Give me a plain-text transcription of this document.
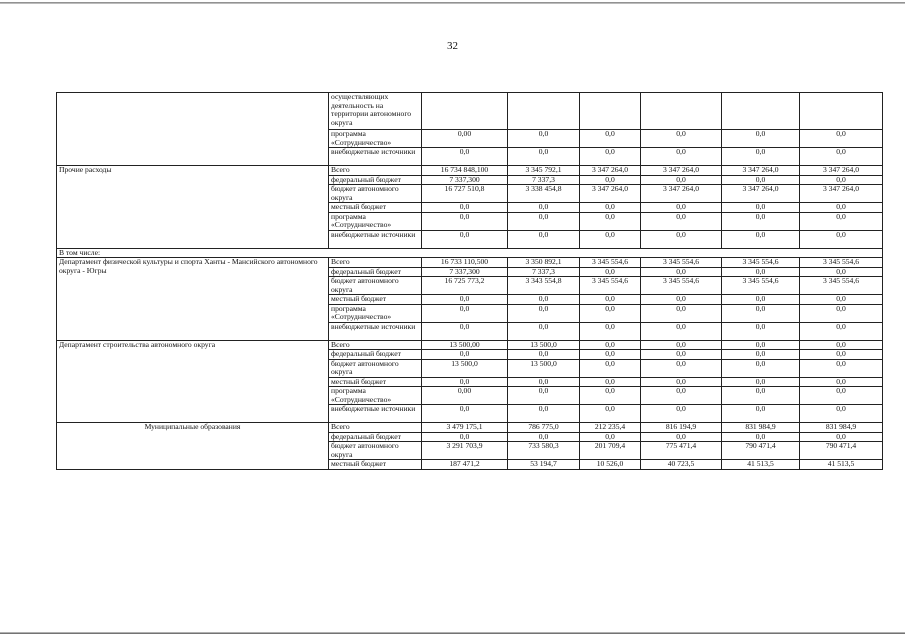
32
	осуществляющих деятельность на территории автономного округа						
	программа «Сотрудничество»	0,00	0,0	0,0	0,0	0,0	0,0
	внебюджетные источники	0,0	0,0	0,0	0,0	0,0	0,0
Прочие расходы	Всего	16 734 848,100	3 345 792,1	3 347 264,0	3 347 264,0	3 347 264,0	3 347 264,0
	федеральный бюджет	7 337,300	7 337,3	0,0	0,0	0,0	0,0
	бюджет автономного округа	16 727 510,8	3 338 454,8	3 347 264,0	3 347 264,0	3 347 264,0	3 347 264,0
	местный бюджет	0,0	0,0	0,0	0,0	0,0	0,0
	программа «Сотрудничество»	0,0	0,0	0,0	0,0	0,0	0,0
	внебюджетные источники	0,0	0,0	0,0	0,0	0,0	0,0
В том числе:							
Департамент физической культуры и спорта Ханты - Мансийского автономного округа - Югры	Всего	16 733 110,500	3 350 892,1	3 345 554,6	3 345 554,6	3 345 554,6	3 345 554,6
	федеральный бюджет	7 337,300	7 337,3	0,0	0,0	0,0	0,0
	бюджет автономного округа	16 725 773,2	3 343 554,8	3 345 554,6	3 345 554,6	3 345 554,6	3 345 554,6
	местный бюджет	0,0	0,0	0,0	0,0	0,0	0,0
	программа «Сотрудничество»	0,0	0,0	0,0	0,0	0,0	0,0
	внебюджетные источники	0,0	0,0	0,0	0,0	0,0	0,0
Департамент строительства автономного округа	Всего	13 500,00	13 500,0	0,0	0,0	0,0	0,0
	федеральный бюджет	0,0	0,0	0,0	0,0	0,0	0,0
	бюджет автономного округа	13 500,0	13 500,0	0,0	0,0	0,0	0,0
	местный бюджет	0,0	0,0	0,0	0,0	0,0	0,0
	программа «Сотрудничество»	0,00	0,0	0,0	0,0	0,0	0,0
	внебюджетные источники	0,0	0,0	0,0	0,0	0,0	0,0
Муниципальные образования	Всего	3 479 175,1	786 775,0	212 235,4	816 194,9	831 984,9	831 984,9
	федеральный бюджет	0,0	0,0	0,0	0,0	0,0	0,0
	бюджет автономного округа	3 291 703,9	733 580,3	201 709,4	775 471,4	790 471,4	790 471,4
	местный бюджет	187 471,2	53 194,7	10 526,0	40 723,5	41 513,5	41 513,5
